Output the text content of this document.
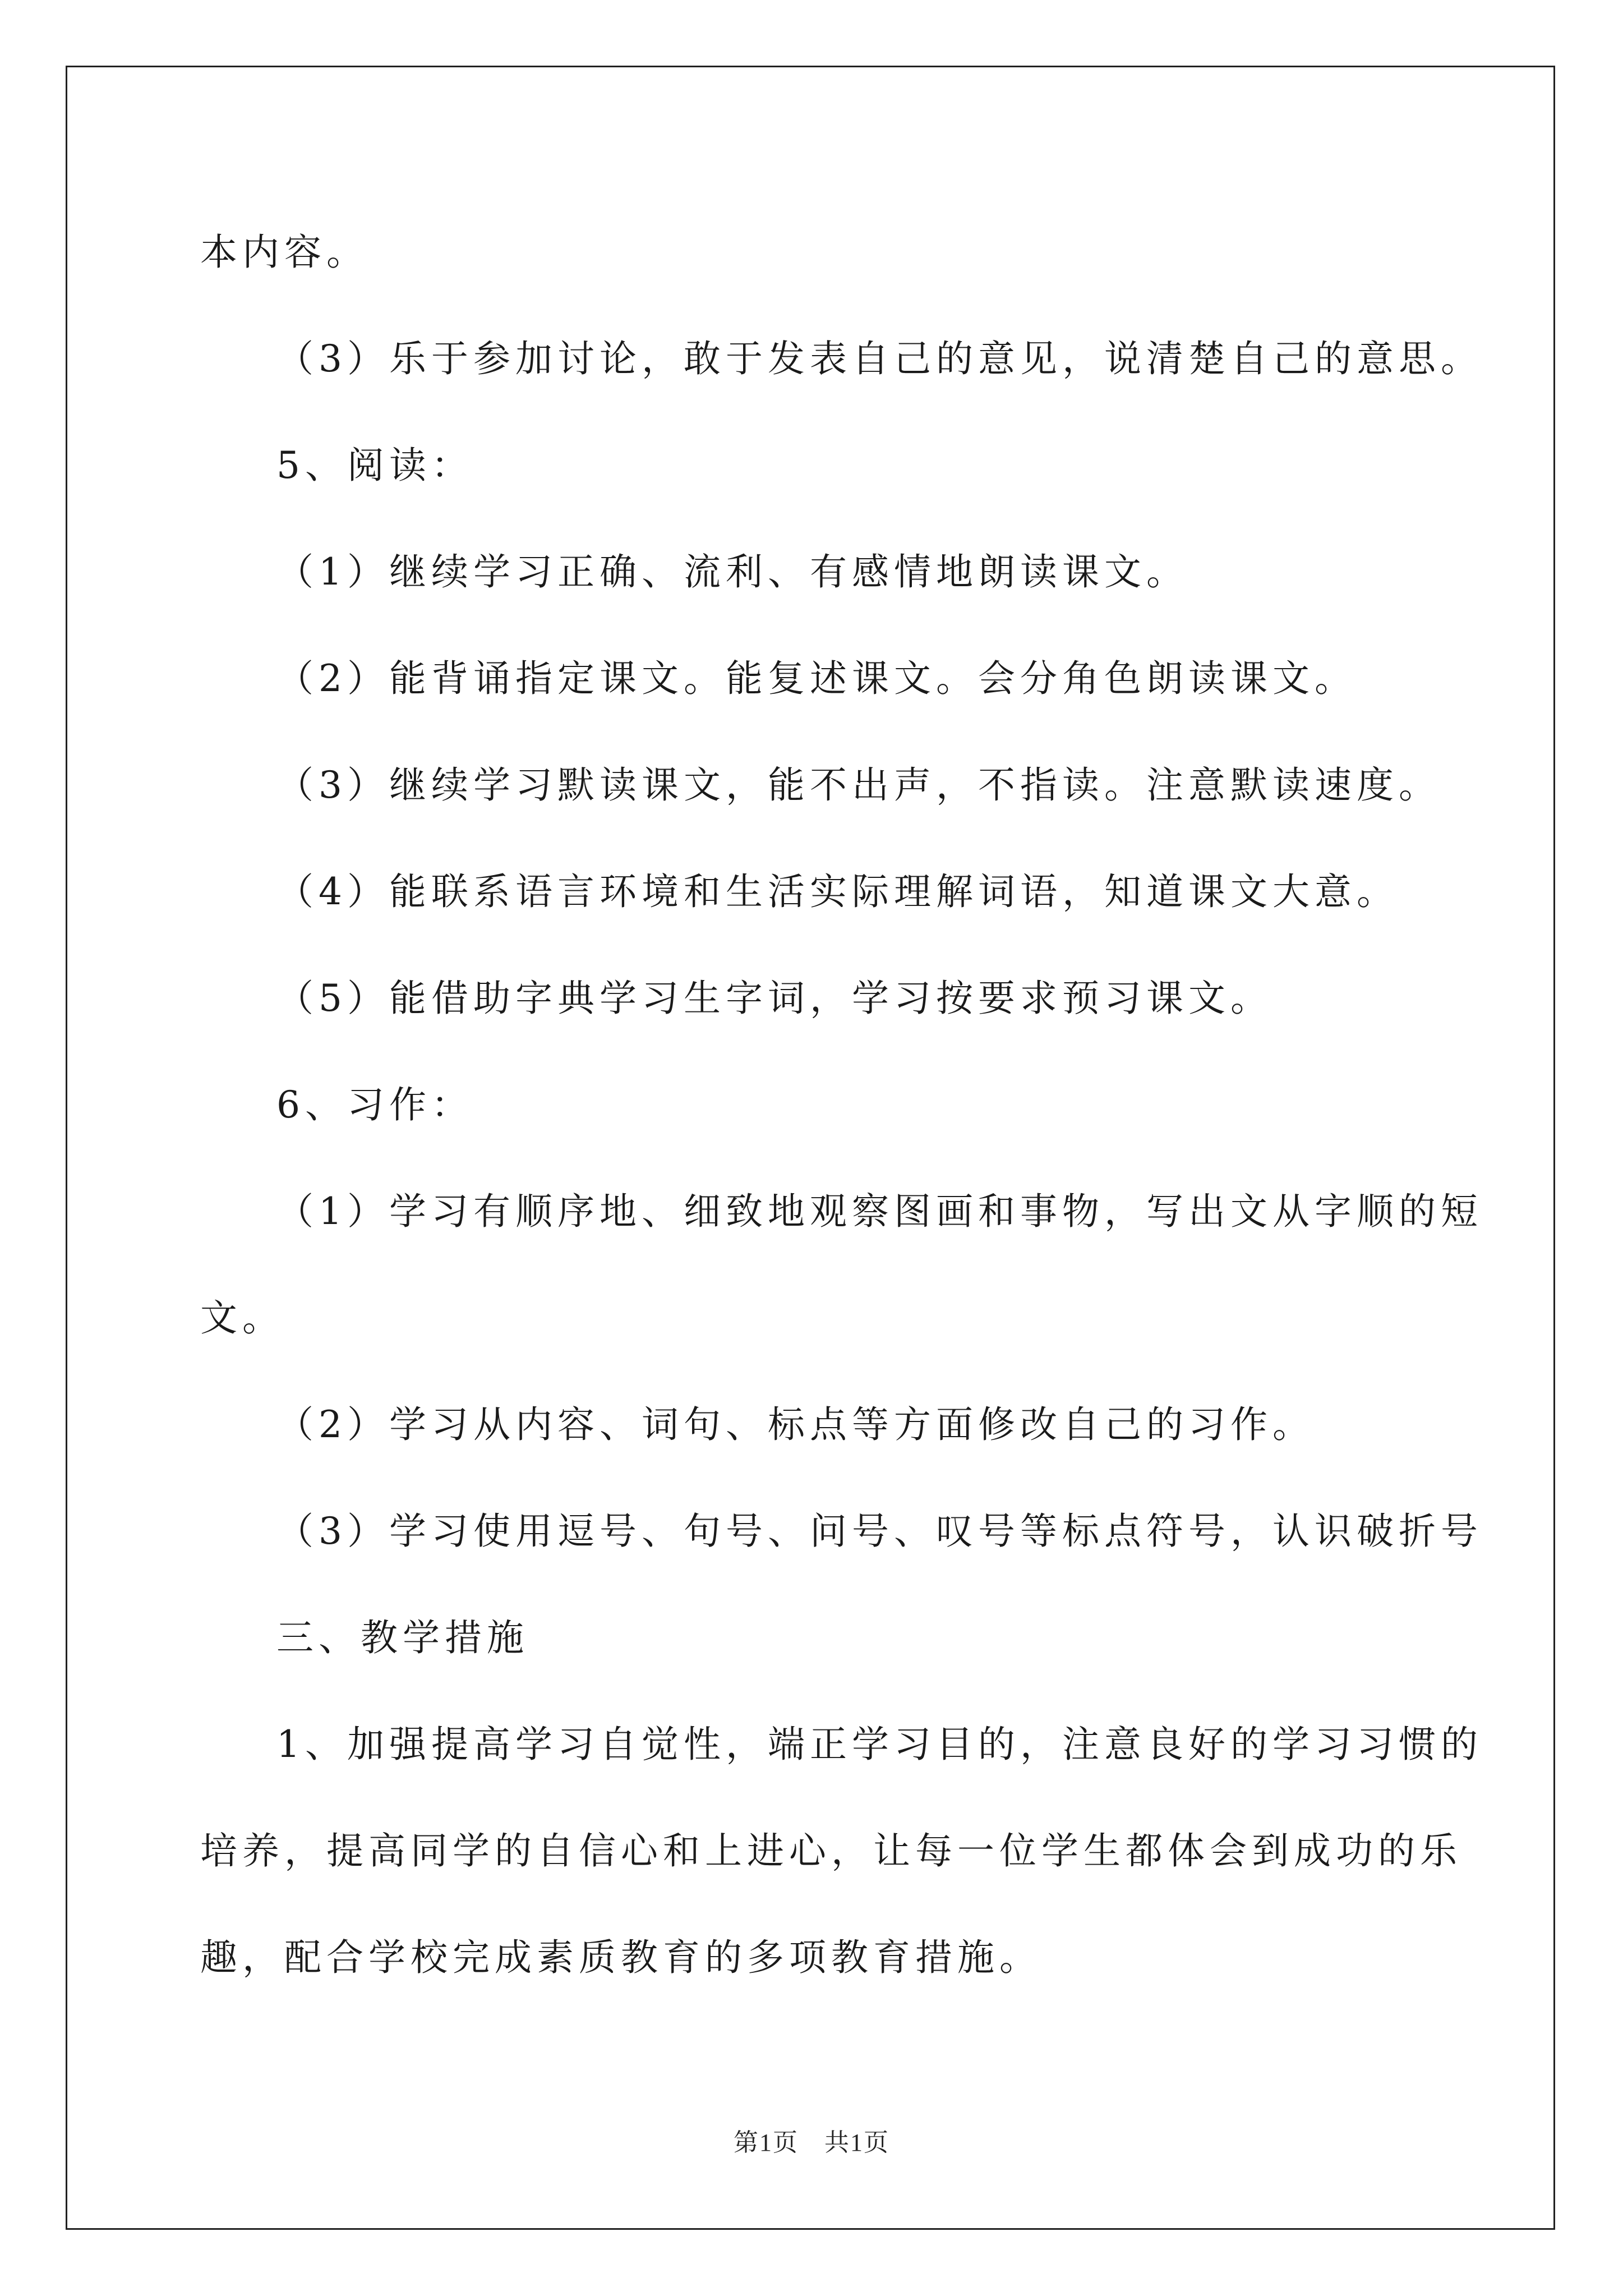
本内容。
（3）乐于参加讨论，敢于发表自己的意见，说清楚自己的意思。
5、阅读：
（1）继续学习正确、流利、有感情地朗读课文。
（2）能背诵指定课文。能复述课文。会分角色朗读课文。
（3）继续学习默读课文，能不出声，不指读。注意默读速度。
（4）能联系语言环境和生活实际理解词语，知道课文大意。
（5）能借助字典学习生字词，学习按要求预习课文。
6、习作：
（1）学习有顺序地、细致地观察图画和事物，写出文从字顺的短
文。
（2）学习从内容、词句、标点等方面修改自己的习作。
（3）学习使用逗号、句号、问号、叹号等标点符号，认识破折号
三、教学措施
1、加强提高学习自觉性，端正学习目的，注意良好的学习习惯的
培养，提高同学的自信心和上进心，让每一位学生都体会到成功的乐
趣，配合学校完成素质教育的多项教育措施。
第1页　共1页
